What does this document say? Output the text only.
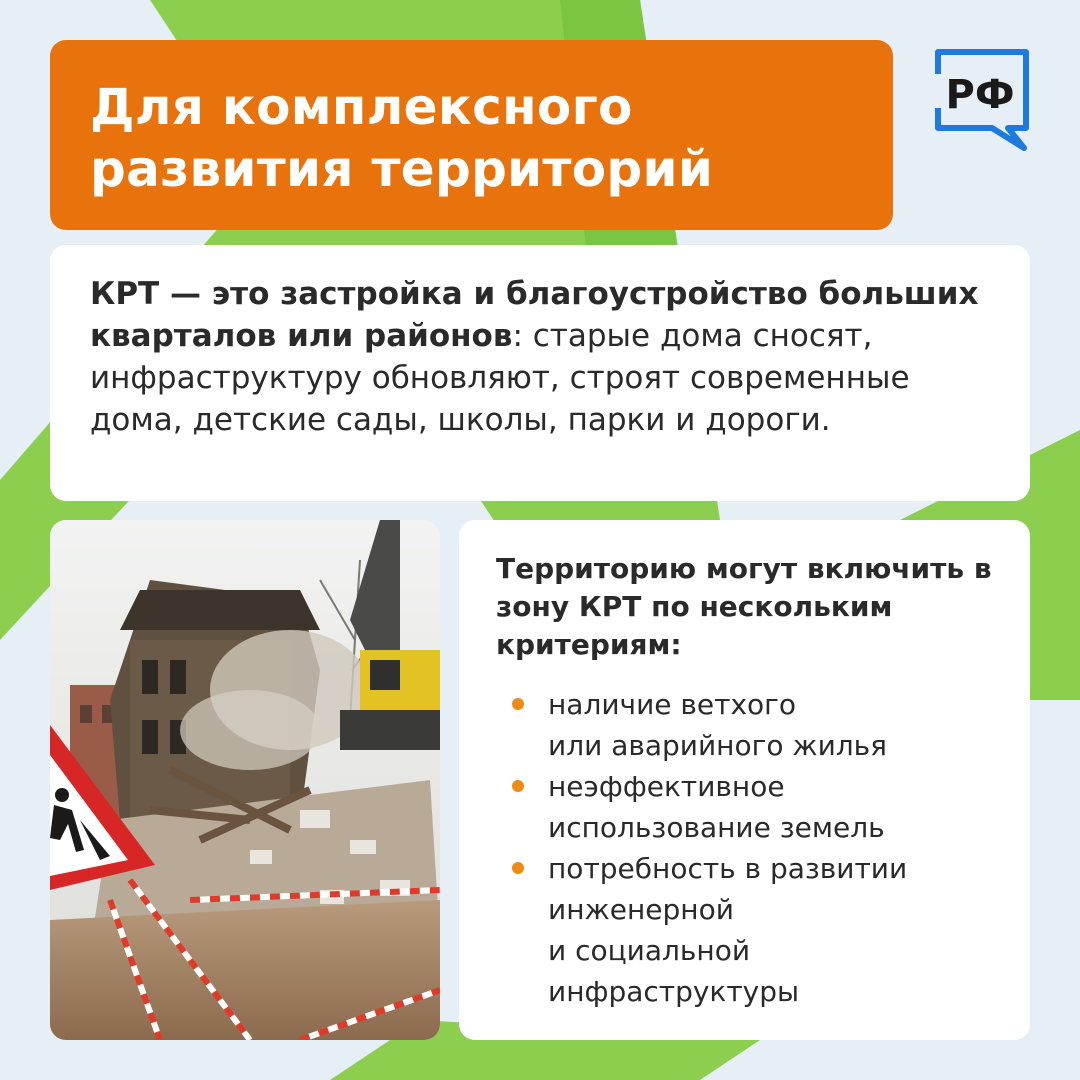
Для комплексного
развития территорий
РФ

КРТ — это застройка и благоустройство больших кварталов или районов: старые дома сносят, инфраструктуру обновляют, строят современные дома, детские сады, школы, парки и дороги.

Территорию могут включить в зону КРТ по нескольким критериям:

наличие ветхого
или аварийного жилья
неэффективное
использование земель
потребность в развитии
инженерной
и социальной
инфраструктуры
